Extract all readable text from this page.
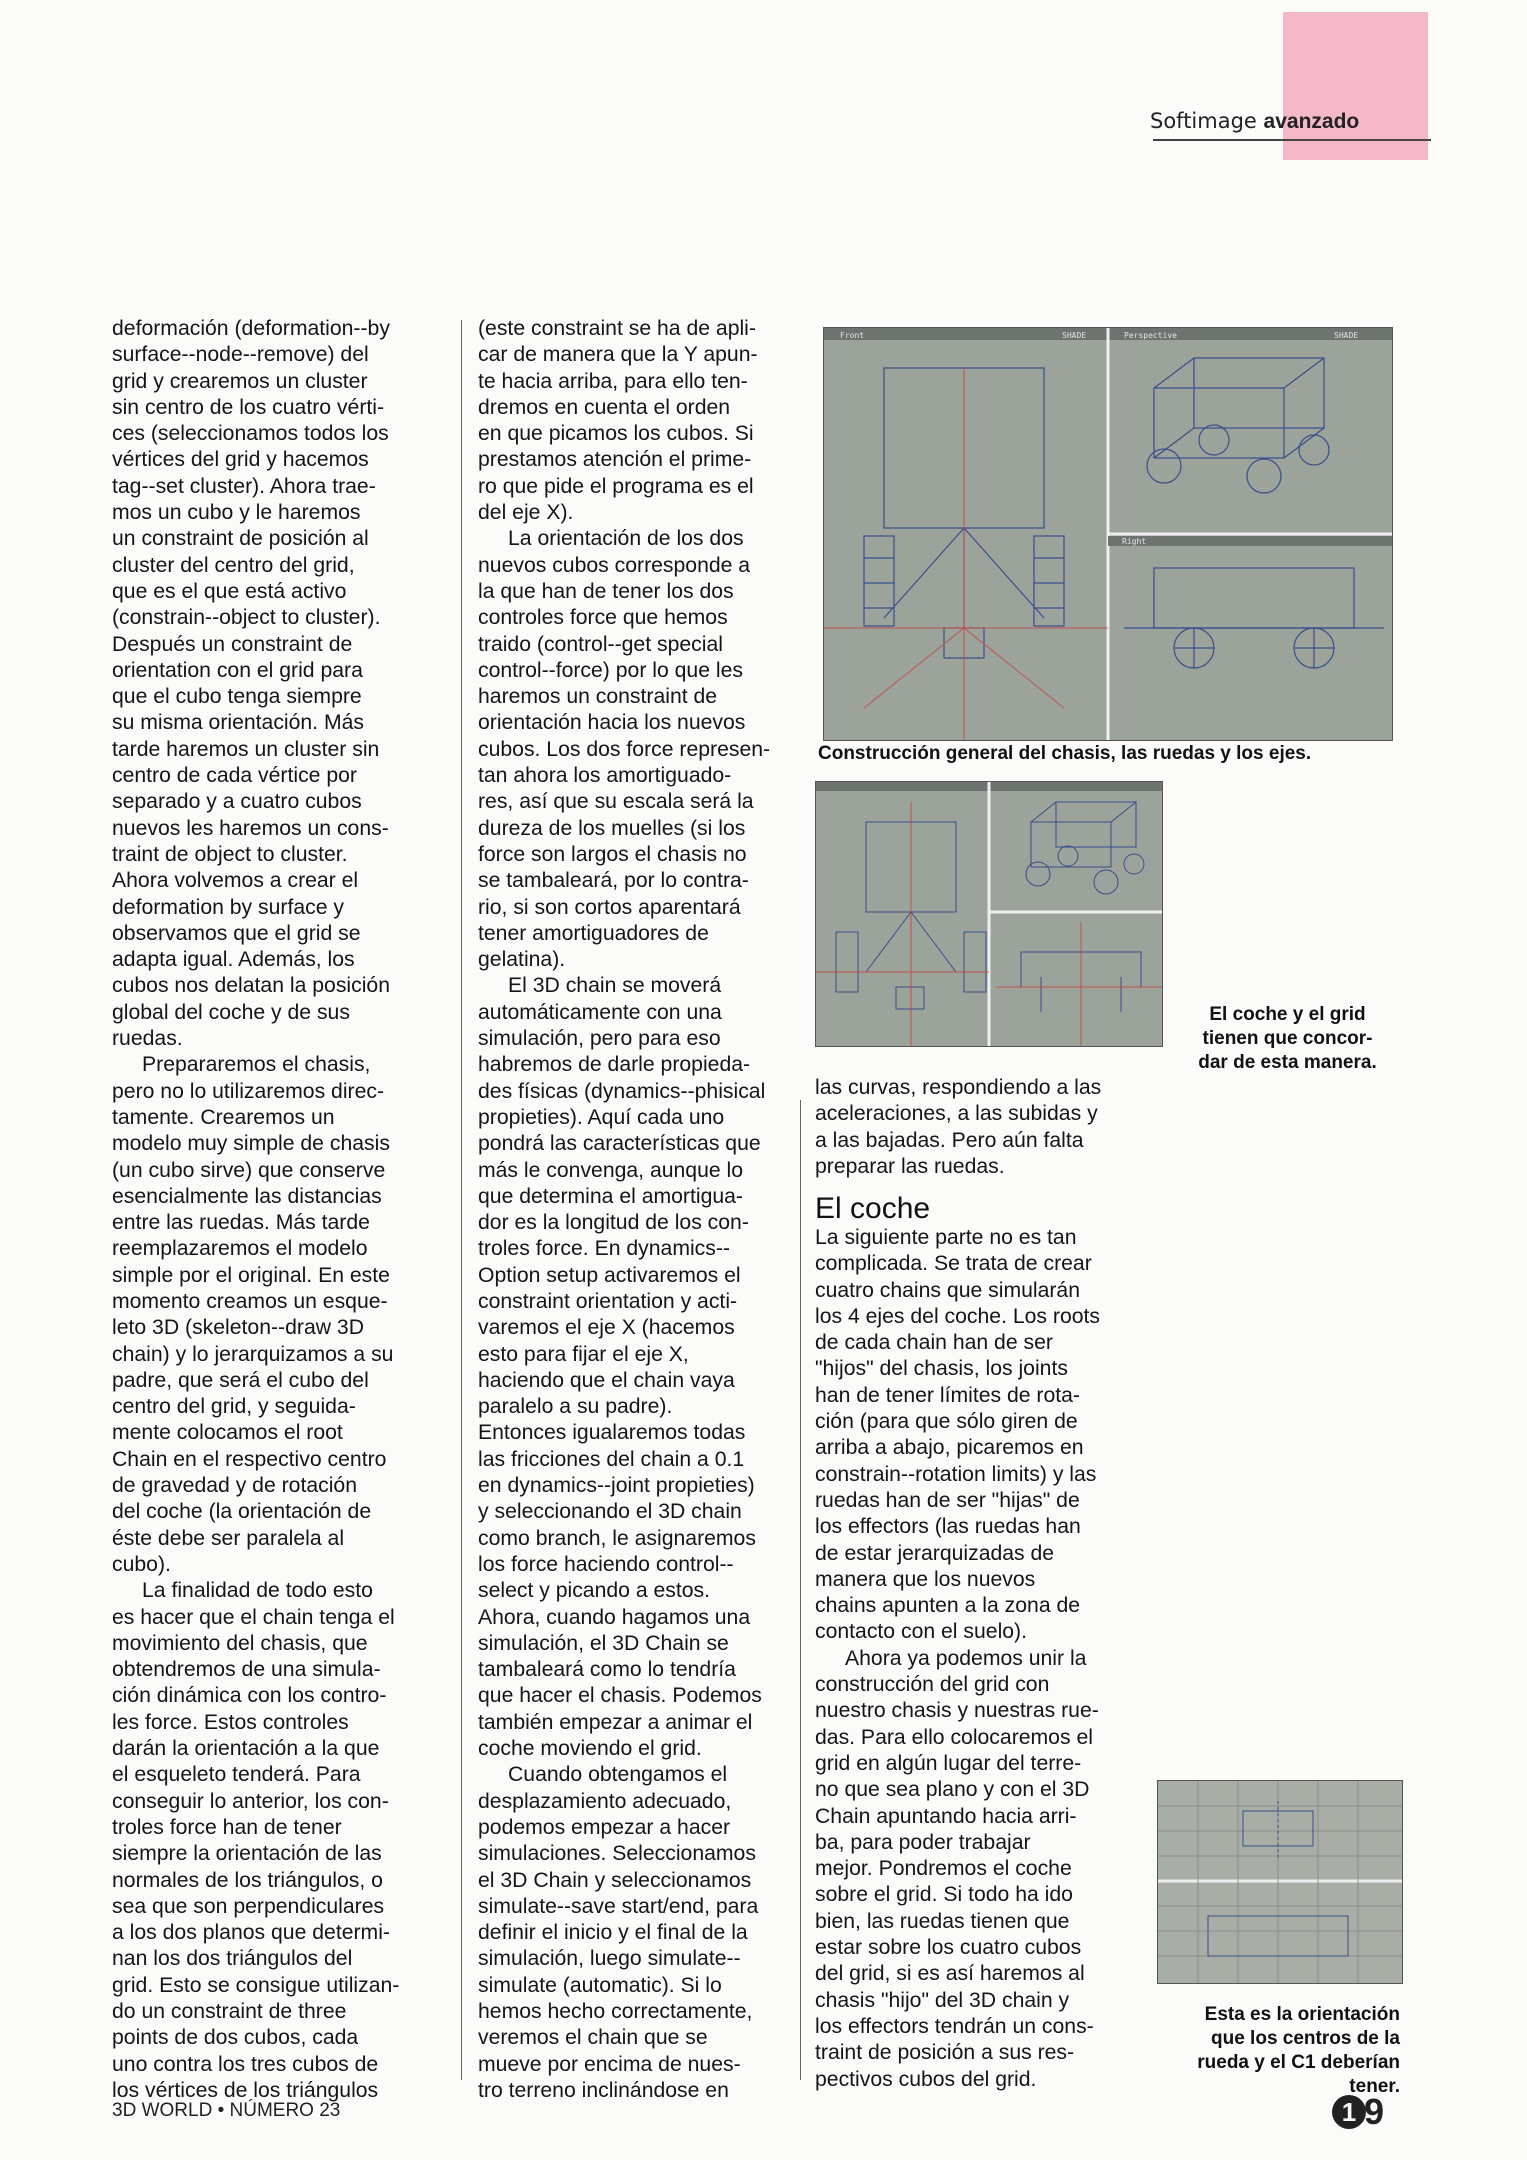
Softimage avanzado

deformación (deformation--by

surface--node--remove) del

grid y crearemos un cluster

sin centro de los cuatro vérti-

ces (seleccionamos todos los

vértices del grid y hacemos

tag--set cluster). Ahora trae-

mos un cubo y le haremos

un constraint de posición al

cluster del centro del grid,

que es el que está activo

(constrain--object to cluster).

Después un constraint de

orientation con el grid para

que el cubo tenga siempre

su misma orientación. Más

tarde haremos un cluster sin

centro de cada vértice por

separado y a cuatro cubos

nuevos les haremos un cons-

traint de object to cluster.

Ahora volvemos a crear el

deformation by surface y

observamos que el grid se

adapta igual. Además, los

cubos nos delatan la posición

global del coche y de sus

ruedas.

Prepararemos el chasis,

pero no lo utilizaremos direc-

tamente. Crearemos un

modelo muy simple de chasis

(un cubo sirve) que conserve

esencialmente las distancias

entre las ruedas. Más tarde

reemplazaremos el modelo

simple por el original. En este

momento creamos un esque-

leto 3D (skeleton--draw 3D

chain) y lo jerarquizamos a su

padre, que será el cubo del

centro del grid, y seguida-

mente colocamos el root

Chain en el respectivo centro

de gravedad y de rotación

del coche (la orientación de

éste debe ser paralela al

cubo).

La finalidad de todo esto

es hacer que el chain tenga el

movimiento del chasis, que

obtendremos de una simula-

ción dinámica con los contro-

les force. Estos controles

darán la orientación a la que

el esqueleto tenderá. Para

conseguir lo anterior, los con-

troles force han de tener

siempre la orientación de las

normales de los triángulos, o

sea que son perpendiculares

a los dos planos que determi-

nan los dos triángulos del

grid. Esto se consigue utilizan-

do un constraint de three

points de dos cubos, cada

uno contra los tres cubos de

los vértices de los triángulos

(este constraint se ha de apli-

car de manera que la Y apun-

te hacia arriba, para ello ten-

dremos en cuenta el orden

en que picamos los cubos. Si

prestamos atención el prime-

ro que pide el programa es el

del eje X).

La orientación de los dos

nuevos cubos corresponde a

la que han de tener los dos

controles force que hemos

traido (control--get special

control--force) por lo que les

haremos un constraint de

orientación hacia los nuevos

cubos. Los dos force represen-

tan ahora los amortiguado-

res, así que su escala será la

dureza de los muelles (si los

force son largos el chasis no

se tambaleará, por lo contra-

rio, si son cortos aparentará

tener amortiguadores de

gelatina).

El 3D chain se moverá

automáticamente con una

simulación, pero para eso

habremos de darle propieda-

des físicas (dynamics--phisical

propieties). Aquí cada uno

pondrá las características que

más le convenga, aunque lo

que determina el amortigua-

dor es la longitud de los con-

troles force. En dynamics--

Option setup activaremos el

constraint orientation y acti-

varemos el eje X (hacemos

esto para fijar el eje X,

haciendo que el chain vaya

paralelo a su padre).

Entonces igualaremos todas

las fricciones del chain a 0.1

en dynamics--joint propieties)

y seleccionando el 3D chain

como branch, le asignaremos

los force haciendo control--

select y picando a estos.

Ahora, cuando hagamos una

simulación, el 3D Chain se

tambaleará como lo tendría

que hacer el chasis. Podemos

también empezar a animar el

coche moviendo el grid.

Cuando obtengamos el

desplazamiento adecuado,

podemos empezar a hacer

simulaciones. Seleccionamos

el 3D Chain y seleccionamos

simulate--save start/end, para

definir el inicio y el final de la

simulación, luego simulate--

simulate (automatic). Si lo

hemos hecho correctamente,

veremos el chain que se

mueve por encima de nues-

tro terreno inclinándose en

Front	SHADE	Perspective	SHADE
Right
Construcción general del chasis, las ruedas y los ejes.
El coche y el grid
tienen que concor-
dar de esta manera.

las curvas, respondiendo a las

aceleraciones, a las subidas y

a las bajadas. Pero aún falta

preparar las ruedas.

El coche

La siguiente parte no es tan

complicada. Se trata de crear

cuatro chains que simularán

los 4 ejes del coche. Los roots

de cada chain han de ser

"hijos" del chasis, los joints

han de tener límites de rota-

ción (para que sólo giren de

arriba a abajo, picaremos en

constrain--rotation limits) y las

ruedas han de ser "hijas" de

los effectors (las ruedas han

de estar jerarquizadas de

manera que los nuevos

chains apunten a la zona de

contacto con el suelo).

Ahora ya podemos unir la

construcción del grid con

nuestro chasis y nuestras rue-

das. Para ello colocaremos el

grid en algún lugar del terre-

no que sea plano y con el 3D

Chain apuntando hacia arri-

ba, para poder trabajar

mejor. Pondremos el coche

sobre el grid. Si todo ha ido

bien, las ruedas tienen que

estar sobre los cuatro cubos

del grid, si es así haremos al

chasis "hijo" del 3D chain y

los effectors tendrán un cons-

traint de posición a sus res-

pectivos cubos del grid.

Esta es la orientación
que los centros de la
rueda y el C1 deberían
tener.
3D WORLD • NÚMERO 23	1 9
